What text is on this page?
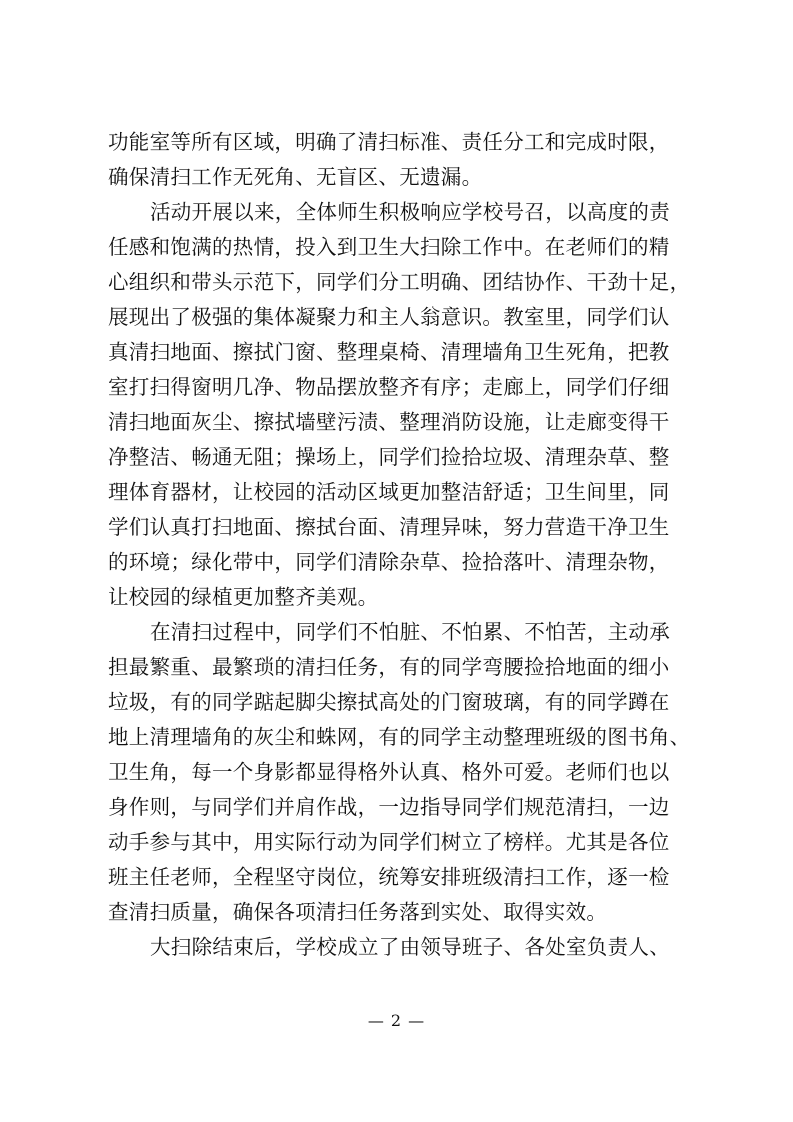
功能室等所有区域，明确了清扫标准、责任分工和完成时限，
确保清扫工作无死角、无盲区、无遗漏。
活动开展以来，全体师生积极响应学校号召，以高度的责
任感和饱满的热情，投入到卫生大扫除工作中。在老师们的精
心组织和带头示范下，同学们分工明确、团结协作、干劲十足，
展现出了极强的集体凝聚力和主人翁意识。教室里，同学们认
真清扫地面、擦拭门窗、整理桌椅、清理墙角卫生死角，把教
室打扫得窗明几净、物品摆放整齐有序；走廊上，同学们仔细
清扫地面灰尘、擦拭墙壁污渍、整理消防设施，让走廊变得干
净整洁、畅通无阻；操场上，同学们捡拾垃圾、清理杂草、整
理体育器材，让校园的活动区域更加整洁舒适；卫生间里，同
学们认真打扫地面、擦拭台面、清理异味，努力营造干净卫生
的环境；绿化带中，同学们清除杂草、捡拾落叶、清理杂物，
让校园的绿植更加整齐美观。
在清扫过程中，同学们不怕脏、不怕累、不怕苦，主动承
担最繁重、最繁琐的清扫任务，有的同学弯腰捡拾地面的细小
垃圾，有的同学踮起脚尖擦拭高处的门窗玻璃，有的同学蹲在
地上清理墙角的灰尘和蛛网，有的同学主动整理班级的图书角、
卫生角，每一个身影都显得格外认真、格外可爱。老师们也以
身作则，与同学们并肩作战，一边指导同学们规范清扫，一边
动手参与其中，用实际行动为同学们树立了榜样。尤其是各位
班主任老师，全程坚守岗位，统筹安排班级清扫工作，逐一检
查清扫质量，确保各项清扫任务落到实处、取得实效。
大扫除结束后，学校成立了由领导班子、各处室负责人、
— 2 —
